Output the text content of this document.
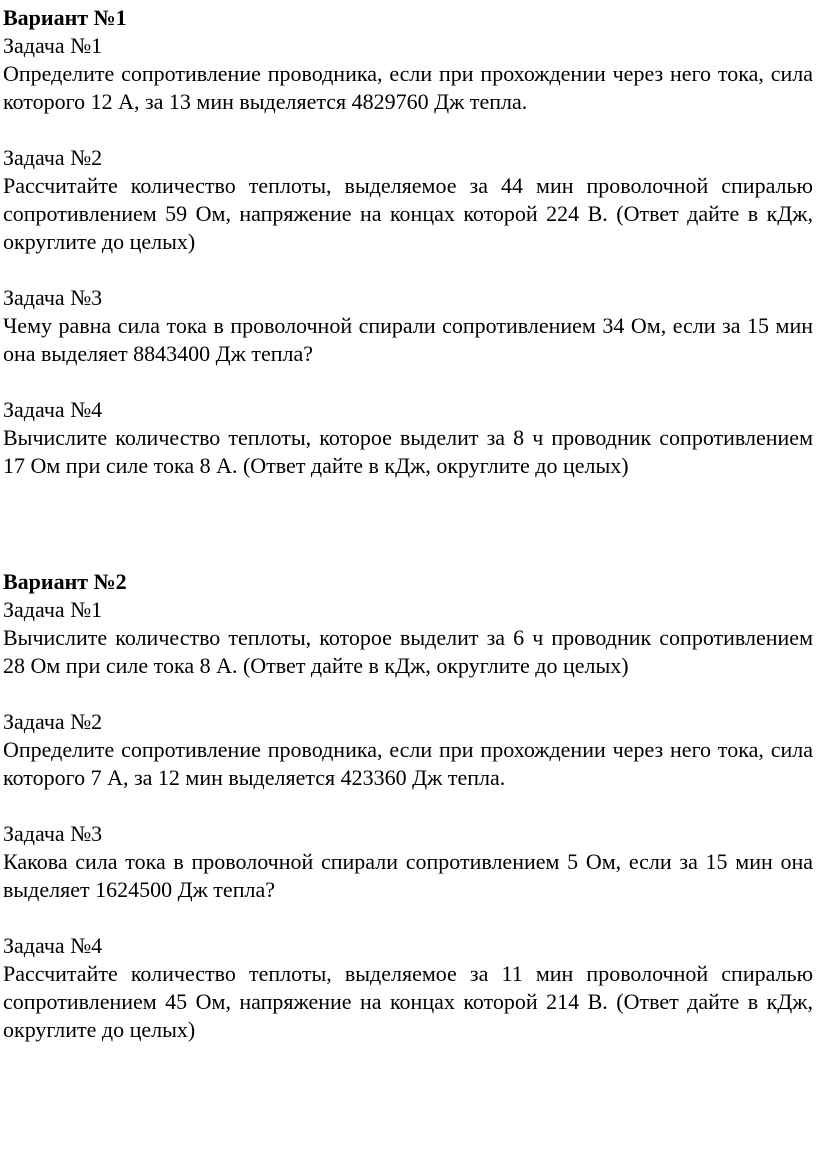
Вариант №1

Задача №1

Определите сопротивление проводника, если при прохождении через него тока, сила которого 12 А, за 13 мин выделяется 4829760 Дж тепла.

Задача №2

Рассчитайте количество теплоты, выделяемое за 44 мин проволочной спиралью сопротивлением 59 Ом, напряжение на концах которой 224 В. (Ответ дайте в кДж, округлите до целых)

Задача №3

Чему равна сила тока в проволочной спирали сопротивлением 34 Ом, если за 15 мин она выделяет 8843400 Дж тепла?

Задача №4

Вычислите количество теплоты, которое выделит за 8 ч проводник сопротивлением 17 Ом при силе тока 8 А. (Ответ дайте в кДж, округлите до целых)

Вариант №2

Задача №1

Вычислите количество теплоты, которое выделит за 6 ч проводник сопротивлением 28 Ом при силе тока 8 А. (Ответ дайте в кДж, округлите до целых)

Задача №2

Определите сопротивление проводника, если при прохождении через него тока, сила которого 7 А, за 12 мин выделяется 423360 Дж тепла.

Задача №3

Какова сила тока в проволочной спирали сопротивлением 5 Ом, если за 15 мин она выделяет 1624500 Дж тепла?

Задача №4

Рассчитайте количество теплоты, выделяемое за 11 мин проволочной спиралью сопротивлением 45 Ом, напряжение на концах которой 214 В. (Ответ дайте в кДж, округлите до целых)
